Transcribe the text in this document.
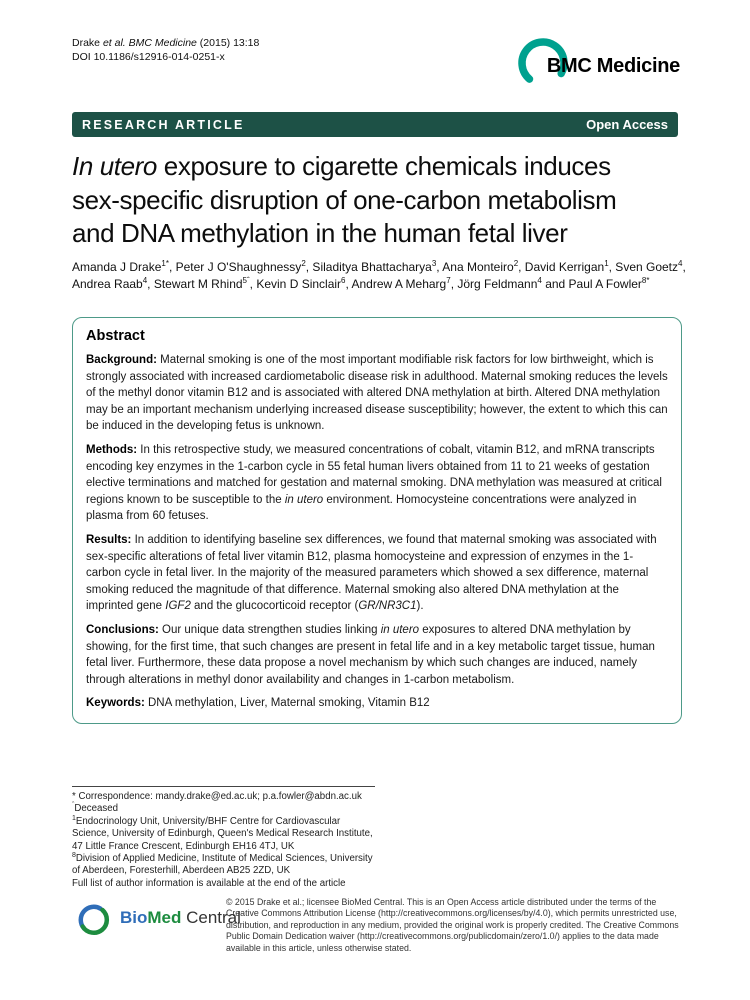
Drake et al. BMC Medicine (2015) 13:18
DOI 10.1186/s12916-014-0251-x	BMC Medicine
RESEARCH ARTICLE	Open Access
In utero exposure to cigarette chemicals induces
sex-specific disruption of one-carbon metabolism
and DNA methylation in the human fetal liver
Amanda J Drake$^{1*}$, Peter J O'Shaughnessy$^2$, Siladitya Bhattacharya$^3$, Ana Monteiro$^2$, David Kerrigan$^1$, Sven Goetz$^4$,
Andrea Raab$^4$, Stewart M Rhind$^{5ˆ}$, Kevin D Sinclair$^6$, Andrew A Meharg$^7$, Jörg Feldmann$^4$ and Paul A Fowler$^{8*}$
Abstract

Background: Maternal smoking is one of the most important modifiable risk factors for low birthweight, which is strongly associated with increased cardiometabolic disease risk in adulthood. Maternal smoking reduces the levels of the methyl donor vitamin B12 and is associated with altered DNA methylation at birth. Altered DNA methylation may be an important mechanism underlying increased disease susceptibility; however, the extent to which this can be induced in the developing fetus is unknown.

Methods: In this retrospective study, we measured concentrations of cobalt, vitamin B12, and mRNA transcripts encoding key enzymes in the 1-carbon cycle in 55 fetal human livers obtained from 11 to 21 weeks of gestation elective terminations and matched for gestation and maternal smoking. DNA methylation was measured at critical regions known to be susceptible to the in utero environment. Homocysteine concentrations were analyzed in plasma from 60 fetuses.

Results: In addition to identifying baseline sex differences, we found that maternal smoking was associated with sex-specific alterations of fetal liver vitamin B12, plasma homocysteine and expression of enzymes in the 1-carbon cycle in fetal liver. In the majority of the measured parameters which showed a sex difference, maternal smoking reduced the magnitude of that difference. Maternal smoking also altered DNA methylation at the imprinted gene IGF2 and the glucocorticoid receptor (GR/NR3C1).

Conclusions: Our unique data strengthen studies linking in utero exposures to altered DNA methylation by showing, for the first time, that such changes are present in fetal life and in a key metabolic target tissue, human fetal liver. Furthermore, these data propose a novel mechanism by which such changes are induced, namely through alterations in methyl donor availability and changes in 1-carbon metabolism.

Keywords: DNA methylation, Liver, Maternal smoking, Vitamin B12

* Correspondence: mandy.drake@ed.ac.uk; p.a.fowler@abdn.ac.uk
$^ˆ$Deceased
$^1$Endocrinology Unit, University/BHF Centre for Cardiovascular Science, University of Edinburgh, Queen's Medical Research Institute, 47 Little France Crescent, Edinburgh EH16 4TJ, UK
$^8$Division of Applied Medicine, Institute of Medical Sciences, University of Aberdeen, Foresterhill, Aberdeen AB25 2ZD, UK
Full list of author information is available at the end of the article
BioMed Central
© 2015 Drake et al.; licensee BioMed Central. This is an Open Access article distributed under the terms of the Creative Commons Attribution License (http://creativecommons.org/licenses/by/4.0), which permits unrestricted use, distribution, and reproduction in any medium, provided the original work is properly credited. The Creative Commons Public Domain Dedication waiver (http://creativecommons.org/publicdomain/zero/1.0/) applies to the data made available in this article, unless otherwise stated.
